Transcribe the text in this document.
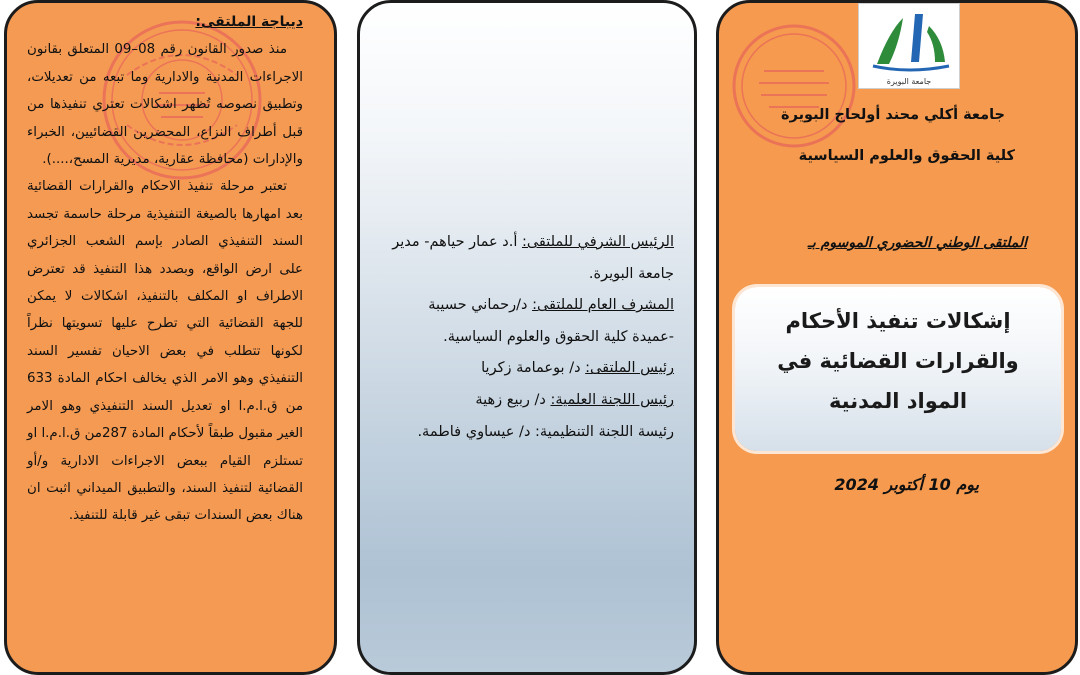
ديباجة الملتقى:

منذ صدور القانون رقم 08–09 المتعلق بقانون الاجراءات المدنية والادارية وما تبعه من تعديلات، وتطبيق نصوصه تُظهر اشكالات تعتري تنفيذها من قبل أطراف النزاع، المحضرين القضائيين، الخبراء والإدارات (محافظة عقارية، مديرية المسح،....).

تعتبر مرحلة تنفيذ الاحكام والقرارات القضائية بعد امهارها بالصيغة التنفيذية مرحلة حاسمة تجسد السند التنفيذي الصادر بإسم الشعب الجزائري على ارض الواقع، وبصدد هذا التنفيذ قد تعترض الاطراف او المكلف بالتنفيذ، اشكالات لا يمكن للجهة القضائية التي تطرح عليها تسويتها نظراً لكونها تتطلب في بعض الاحيان تفسير السند التنفيذي وهو الامر الذي يخالف احكام المادة 633 من ق.ا.م.ا او تعديل السند التنفيذي وهو الامر الغير مقبول طبقاً لأحكام المادة 287من ق.ا.م.ا او تستلزم القيام ببعض الاجراءات الادارية و/أو القضائية لتنفيذ السند، والتطبيق الميداني اثبت ان هناك بعض السندات تبقى غير قابلة للتنفيذ.

الرئيس الشرفي للملتقى: أ.د عمار حياهم- مدير جامعة البويرة.
المشرف العام للملتقى: د/رحماني حسيبة -عميدة كلية الحقوق والعلوم السياسية.
رئيس الملتقى: د/ بوعمامة زكريا
رئيس اللجنة العلمية: د/ ربيع زهية
رئيسة اللجنة التنظيمية: د/ عيساوي فاطمة.
جامعة البويرة
جامعة أكلي محند أولحاج البويرة
كلية الحقوق والعلوم السياسية
الملتقى الوطني الحضوري الموسوم بـ
إشكالات تنفيذ الأحكام والقرارات القضائية في المواد المدنية
يوم 10 أكتوبر 2024
